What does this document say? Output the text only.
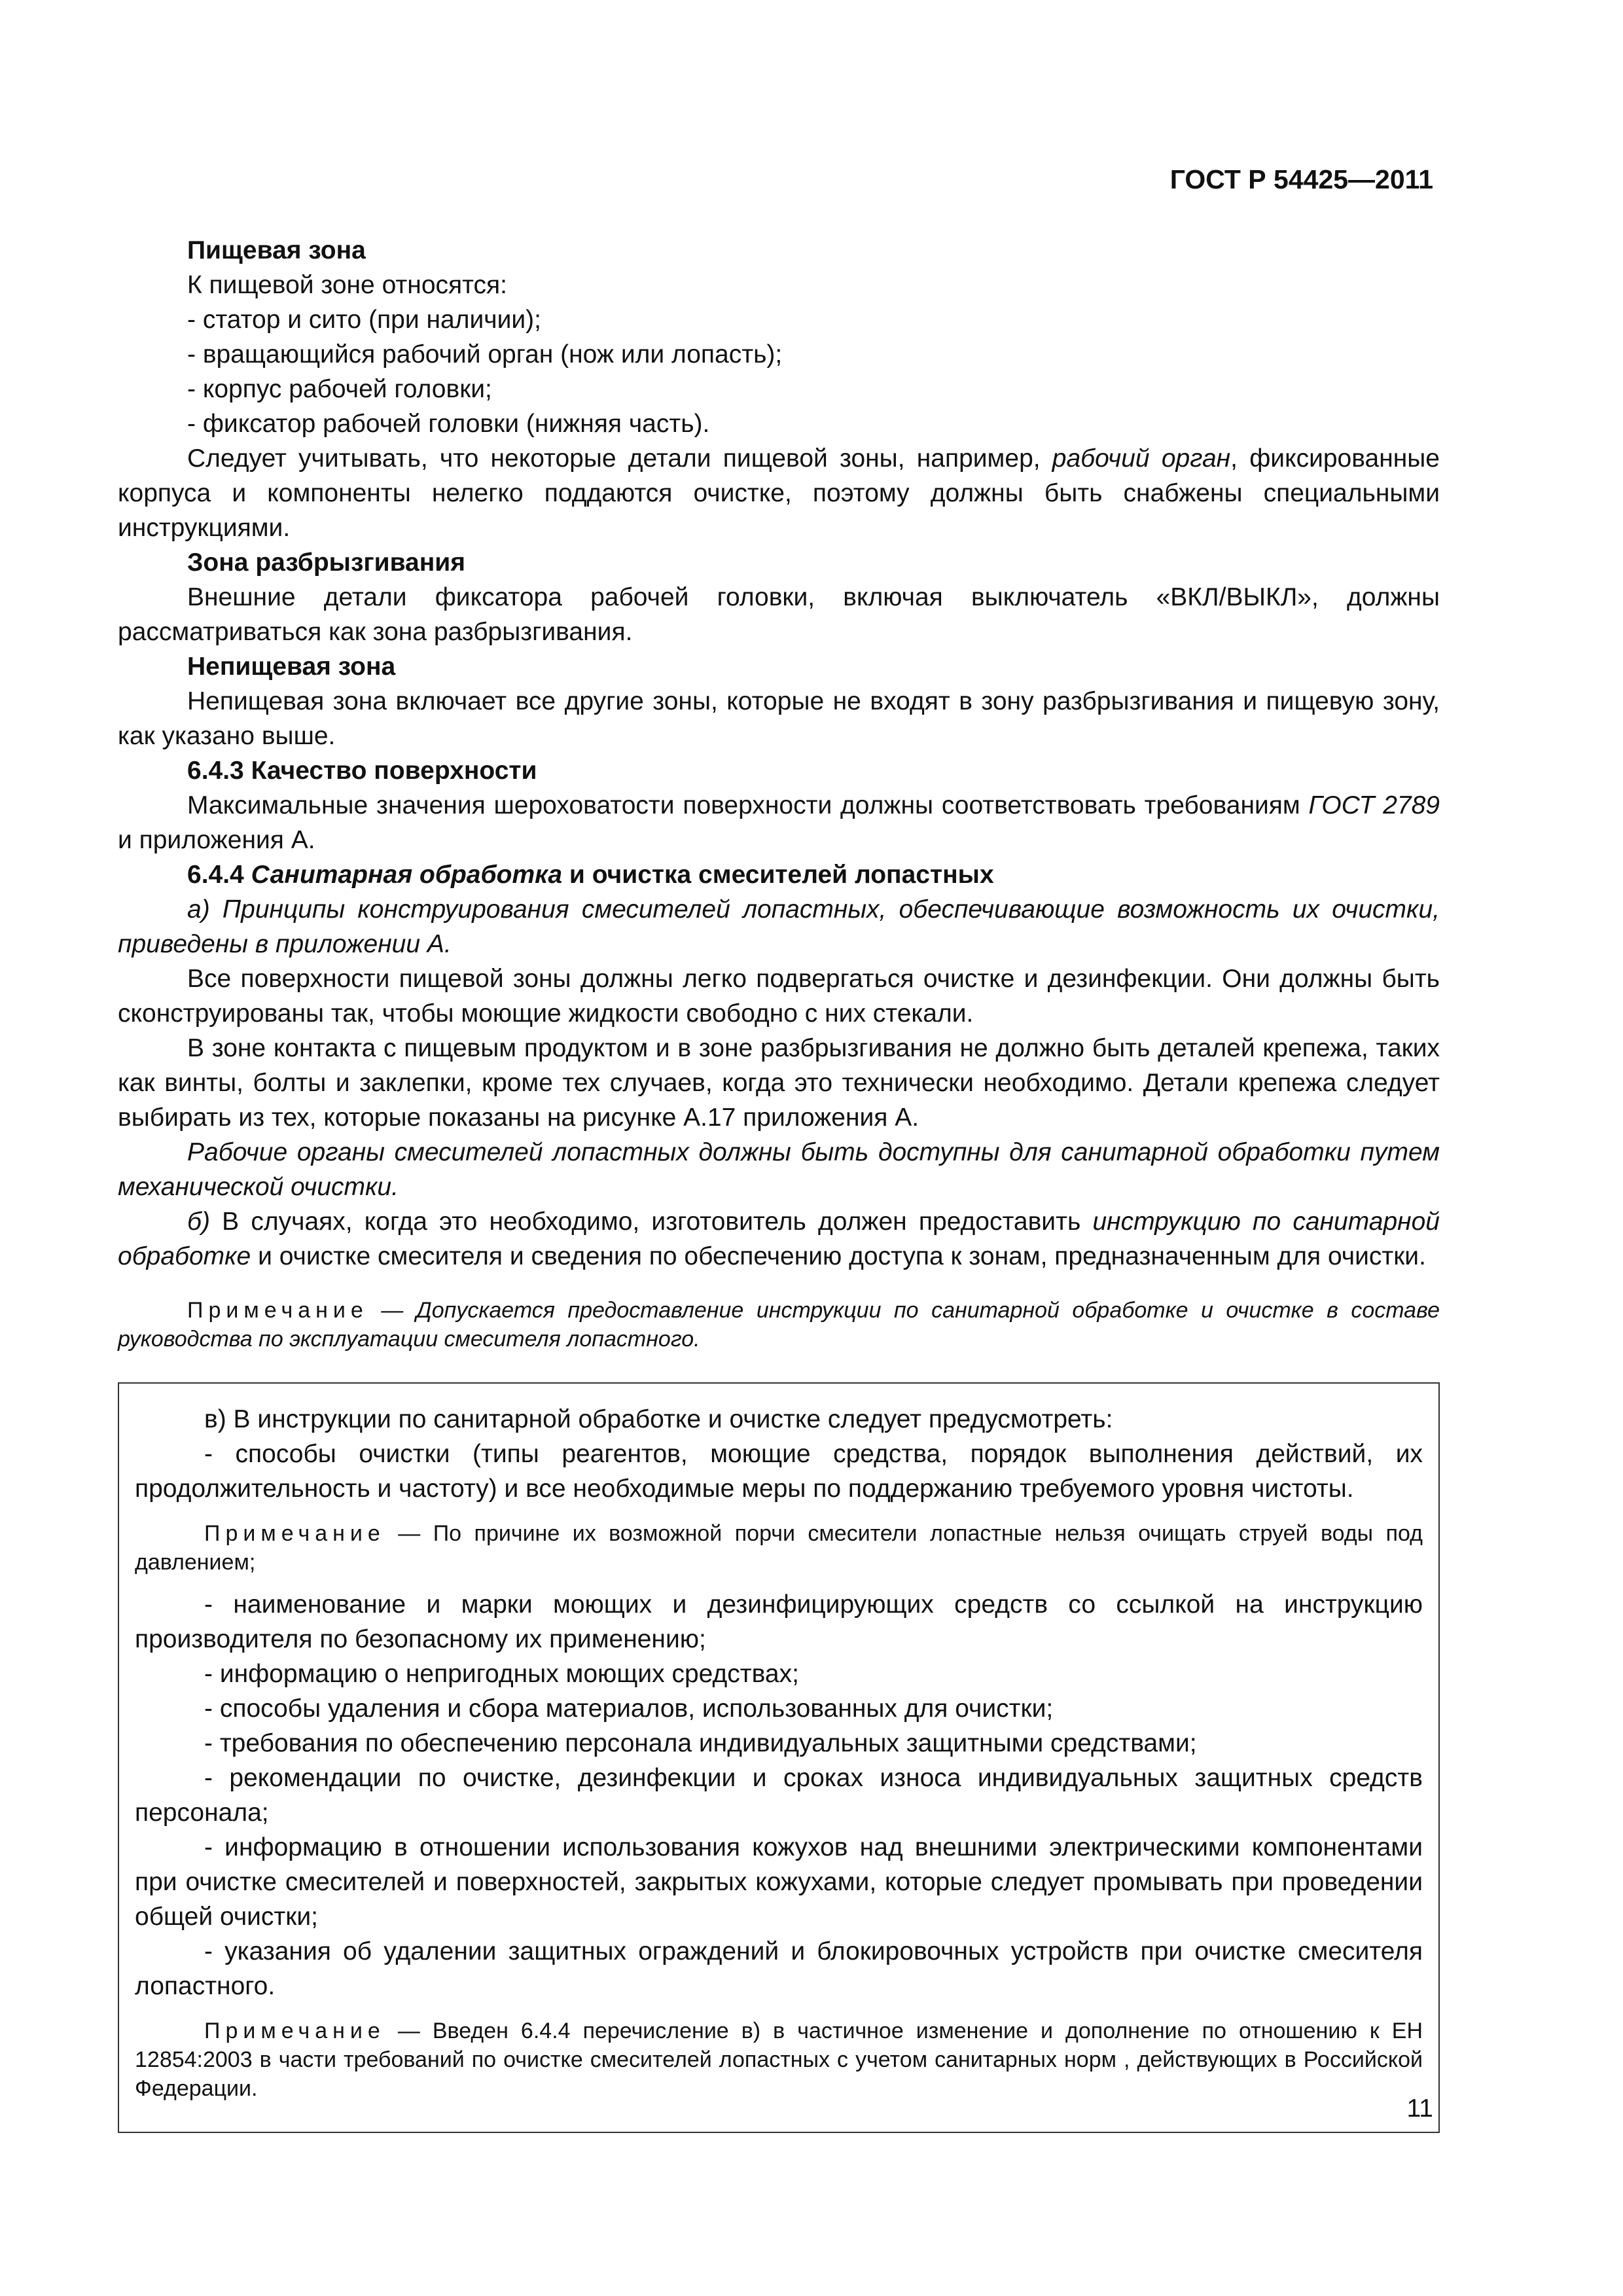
ГОСТ Р 54425—2011

Пищевая зона

К пищевой зоне относятся:

- статор и сито (при наличии);

- вращающийся рабочий орган (нож или лопасть);

- корпус рабочей головки;

- фиксатор рабочей головки (нижняя часть).

Следует учитывать, что некоторые детали пищевой зоны, например, рабочий орган, фиксированные корпуса и компоненты нелегко поддаются очистке, поэтому должны быть снабжены специальными инструкциями.

Зона разбрызгивания

Внешние детали фиксатора рабочей головки, включая выключатель «ВКЛ/ВЫКЛ», должны рассматриваться как зона разбрызгивания.

Непищевая зона

Непищевая зона включает все другие зоны, которые не входят в зону разбрызгивания и пищевую зону, как указано выше.

6.4.3 Качество поверхности

Максимальные значения шероховатости поверхности должны соответствовать требованиям ГОСТ 2789 и приложения А.

6.4.4 Санитарная обработка и очистка смесителей лопастных

а) Принципы конструирования смесителей лопастных, обеспечивающие возможность их очистки, приведены в приложении А.

Все поверхности пищевой зоны должны легко подвергаться очистке и дезинфекции. Они должны быть сконструированы так, чтобы моющие жидкости свободно с них стекали.

В зоне контакта с пищевым продуктом и в зоне разбрызгивания не должно быть деталей крепежа, таких как винты, болты и заклепки, кроме тех случаев, когда это технически необходимо. Детали крепежа следует выбирать из тех, которые показаны на рисунке А.17 приложения А.

Рабочие органы смесителей лопастных должны быть доступны для санитарной обработки путем механической очистки.

б) В случаях, когда это необходимо, изготовитель должен предоставить инструкцию по санитарной обработке и очистке смесителя и сведения по обеспечению доступа к зонам, предназначенным для очистки.

Примечание — Допускается предоставление инструкции по санитарной обработке и очистке в составе руководства по эксплуатации смесителя лопастного.

в) В инструкции по санитарной обработке и очистке следует предусмотреть:

- способы очистки (типы реагентов, моющие средства, порядок выполнения действий, их продолжительность и частоту) и все необходимые меры по поддержанию требуемого уровня чистоты.

Примечание — По причине их возможной порчи смесители лопастные нельзя очищать струей воды под давлением;

- наименование и марки моющих и дезинфицирующих средств со ссылкой на инструкцию производителя по безопасному их применению;

- информацию о непригодных моющих средствах;

- способы удаления и сбора материалов, использованных для очистки;

- требования по обеспечению персонала индивидуальных защитными средствами;

- рекомендации по очистке, дезинфекции и сроках износа индивидуальных защитных средств персонала;

- информацию в отношении использования кожухов над внешними электрическими компонентами при очистке смесителей и поверхностей, закрытых кожухами, которые следует промывать при проведении общей очистки;

- указания об удалении защитных ограждений и блокировочных устройств при очистке смесителя лопастного.

Примечание — Введен 6.4.4 перечисление в) в частичное изменение и дополнение по отношению к ЕН 12854:2003 в части требований по очистке смесителей лопастных с учетом санитарных норм , действующих в Российской Федерации.

11
